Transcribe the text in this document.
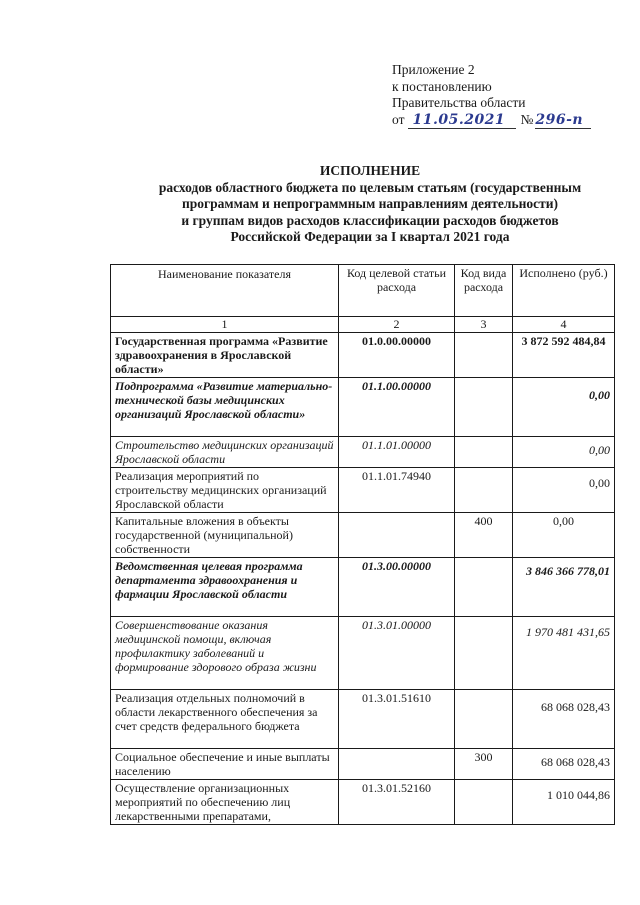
Приложение 2
к постановлению
Правительства области
от 11.05.2021	№ 296-п
ИСПОЛНЕНИЕ
расходов областного бюджета по целевым статьям (государственным
программам и непрограммным направлениям деятельности)
и группам видов расходов классификации расходов бюджетов
Российской Федерации за I квартал 2021 года
Наименование показателя	Код целевой статьи расхода	Код вида расхода	Исполнено (руб.)
1	2	3	4
Государственная программа «Развитие здравоохранения в Ярославской области»	01.0.00.00000		3 872 592 484,84
Подпрограмма «Развитие материально-технической базы медицинских организаций Ярославской области»	01.1.00.00000		0,00
Строительство медицинских организаций Ярославской области	01.1.01.00000		0,00
Реализация мероприятий по строительству медицинских организаций Ярославской области	01.1.01.74940		0,00
Капитальные вложения в объекты государственной (муниципальной) собственности		400	0,00
Ведомственная целевая программа департамента здравоохранения и фармации Ярославской области	01.3.00.00000		3 846 366 778,01
Совершенствование оказания медицинской помощи, включая профилактику заболеваний и формирование здорового образа жизни	01.3.01.00000		1 970 481 431,65
Реализация отдельных полномочий в области лекарственного обеспечения за счет средств федерального бюджета	01.3.01.51610		68 068 028,43
Социальное обеспечение и иные выплаты населению		300	68 068 028,43
Осуществление организационных мероприятий по обеспечению лиц лекарственными препаратами,	01.3.01.52160		1 010 044,86
